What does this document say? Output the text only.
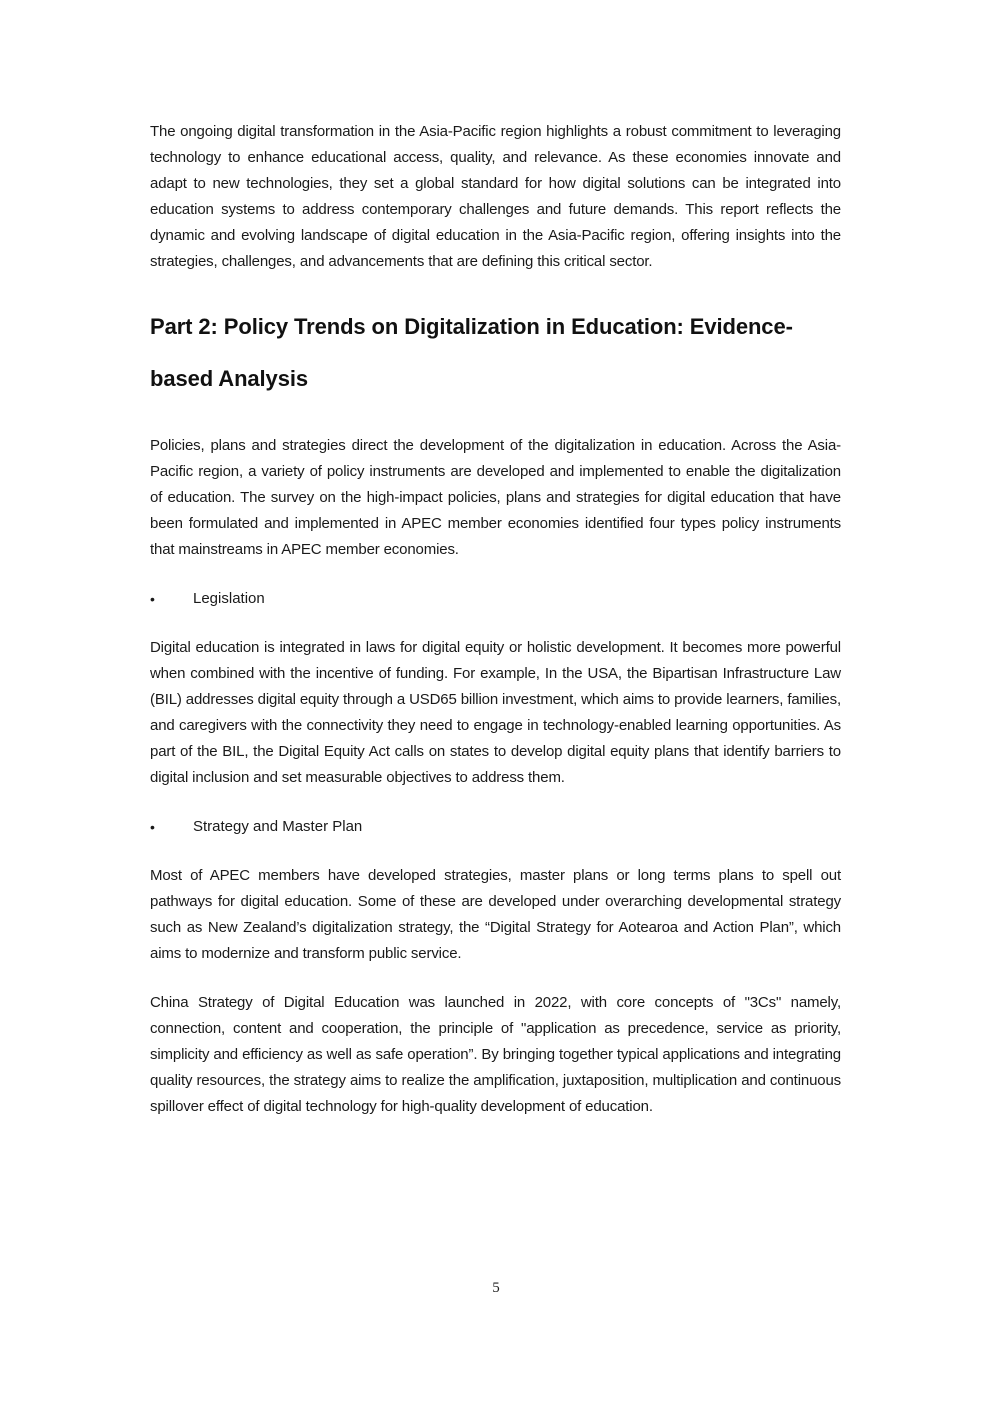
The ongoing digital transformation in the Asia-Pacific region highlights a robust commitment to leveraging technology to enhance educational access, quality, and relevance. As these economies innovate and adapt to new technologies, they set a global standard for how digital solutions can be integrated into education systems to address contemporary challenges and future demands. This report reflects the dynamic and evolving landscape of digital education in the Asia-Pacific region, offering insights into the strategies, challenges, and advancements that are defining this critical sector.

Part 2: Policy Trends on Digitalization in Education: Evidence-based Analysis

Policies, plans and strategies direct the development of the digitalization in education. Across the Asia-Pacific region, a variety of policy instruments are developed and implemented to enable the digitalization of education. The survey on the high-impact policies, plans and strategies for digital education that have been formulated and implemented in APEC member economies identified four types policy instruments that mainstreams in APEC member economies.

•	Legislation

Digital education is integrated in laws for digital equity or holistic development. It becomes more powerful when combined with the incentive of funding. For example, In the USA, the Bipartisan Infrastructure Law (BIL) addresses digital equity through a USD65 billion investment, which aims to provide learners, families, and caregivers with the connectivity they need to engage in technology-enabled learning opportunities. As part of the BIL, the Digital Equity Act calls on states to develop digital equity plans that identify barriers to digital inclusion and set measurable objectives to address them.

•	Strategy and Master Plan

Most of APEC members have developed strategies, master plans or long terms plans to spell out pathways for digital education. Some of these are developed under overarching developmental strategy such as New Zealand’s digitalization strategy, the “Digital Strategy for Aotearoa and Action Plan”, which aims to modernize and transform public service.

China Strategy of Digital Education was launched in 2022, with core concepts of "3Cs" namely, connection, content and cooperation, the principle of "application as precedence, service as priority, simplicity and efficiency as well as safe operation”. By bringing together typical applications and integrating quality resources, the strategy aims to realize the amplification, juxtaposition, multiplication and continuous spillover effect of digital technology for high-quality development of education.

5
